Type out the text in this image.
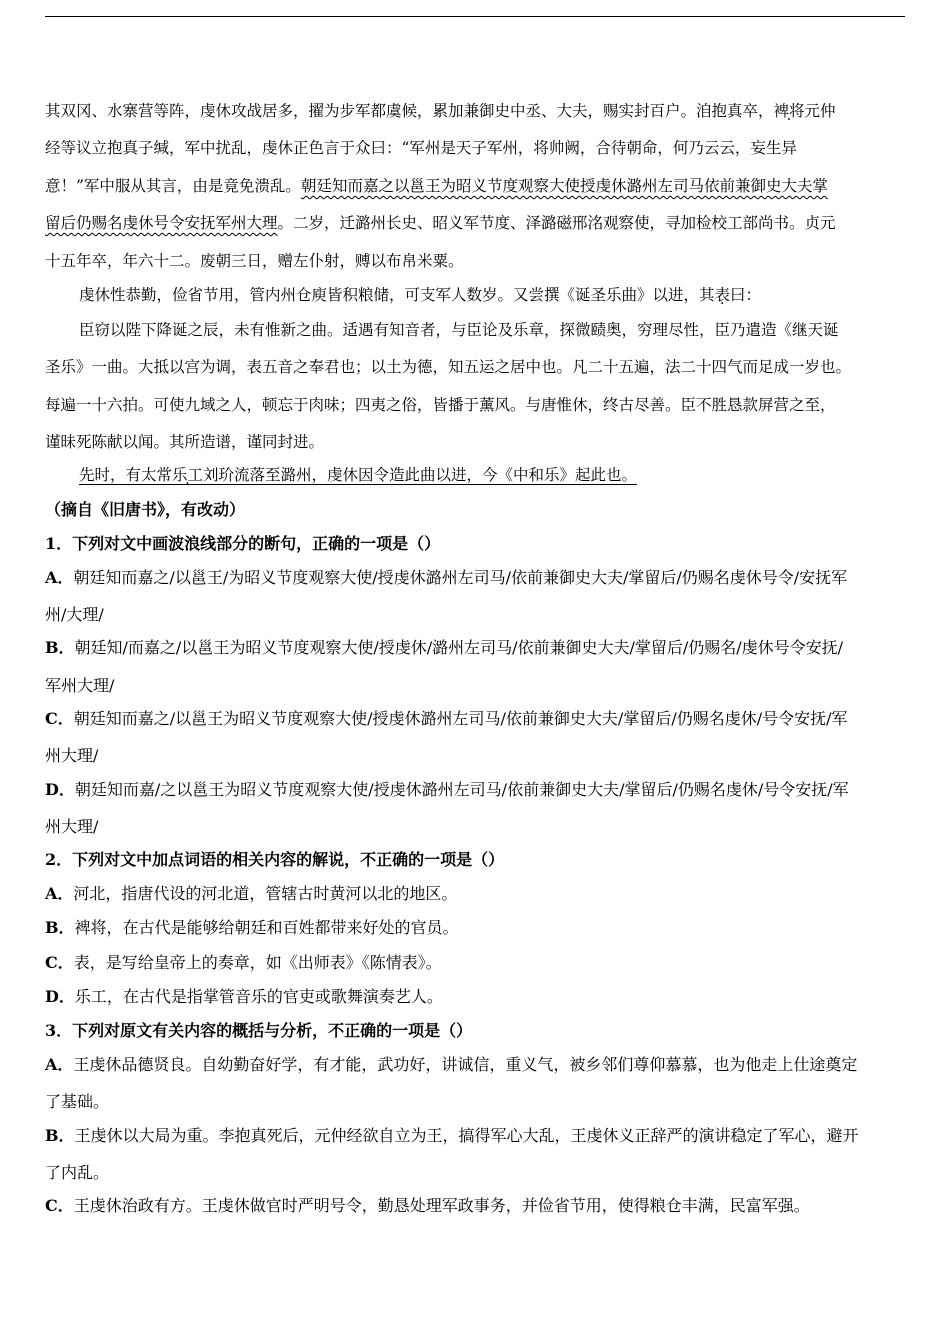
其双冈、水寨营等阵，虔休攻战居多，擢为步军都虞候，累加兼御史中丞、大夫，赐实封百户。洎抱真卒，裨将元仲
经等议立抱真子缄，军中扰乱，虔休正色言于众曰：“军州是天子军州，将帅阙，合待朝命，何乃云云，妄生异
意！”军中服从其言，由是竟免溃乱。朝廷知而嘉之以邕王为昭义节度观察大使授虔休潞州左司马依前兼御史大夫掌
留后仍赐名虔休号令安抚军州大理。二岁，迁潞州长史、昭义军节度、泽潞磁邢洺观察使，寻加检校工部尚书。贞元
十五年卒，年六十二。废朝三日，赠左仆射，赙以布帛米粟。
虔休性恭勤，俭省节用，管内州仓庾皆积粮储，可支军人数岁。又尝撰《诞圣乐曲》以进，其表曰：
臣窃以陛下降诞之辰，未有惟新之曲。适遇有知音者，与臣论及乐章，探微赜奥，穷理尽性，臣乃遣造《继天诞
圣乐》一曲。大抵以宫为调，表五音之奉君也；以土为德，知五运之居中也。凡二十五遍，法二十四气而足成一岁也。
每遍一十六拍。可使九域之人，顿忘于肉味；四夷之俗，皆播于薰风。与唐惟休，终古尽善。臣不胜恳款屏营之至，
谨昧死陈献以闻。其所造谱，谨同封进。
先时，有太常乐工刘玠流落至潞州，虔休因令造此曲以进，今《中和乐》起此也。
（摘自《旧唐书》，有改动）
1．下列对文中画波浪线部分的断句，正确的一项是（）
A．朝廷知而嘉之/以邕王/为昭义节度观察大使/授虔休潞州左司马/依前兼御史大夫/掌留后/仍赐名虔休号令/安抚军
州/大理/
B．朝廷知/而嘉之/以邕王为昭义节度观察大使/授虔休/潞州左司马/依前兼御史大夫/掌留后/仍赐名/虔休号令安抚/
军州大理/
C．朝廷知而嘉之/以邕王为昭义节度观察大使/授虔休潞州左司马/依前兼御史大夫/掌留后/仍赐名虔休/号令安抚/军
州大理/
D．朝廷知而嘉/之以邕王为昭义节度观察大使/授虔休潞州左司马/依前兼御史大夫/掌留后/仍赐名虔休/号令安抚/军
州大理/
2．下列对文中加点词语的相关内容的解说，不正确的一项是（）
A．河北，指唐代设的河北道，管辖古时黄河以北的地区。
B．裨将，在古代是能够给朝廷和百姓都带来好处的官员。
C．表，是写给皇帝上的奏章，如《出师表》《陈情表》。
D．乐工，在古代是指掌管音乐的官吏或歌舞演奏艺人。
3．下列对原文有关内容的概括与分析，不正确的一项是（）
A．王虔休品德贤良。自幼勤奋好学，有才能，武功好，讲诚信，重义气，被乡邻们尊仰慕慕，也为他走上仕途奠定
了基础。
B．王虔休以大局为重。李抱真死后，元仲经欲自立为王，搞得军心大乱，王虔休义正辞严的演讲稳定了军心，避开
了内乱。
C．王虔休治政有方。王虔休做官时严明号令，勤恳处理军政事务，并俭省节用，使得粮仓丰满，民富军强。
